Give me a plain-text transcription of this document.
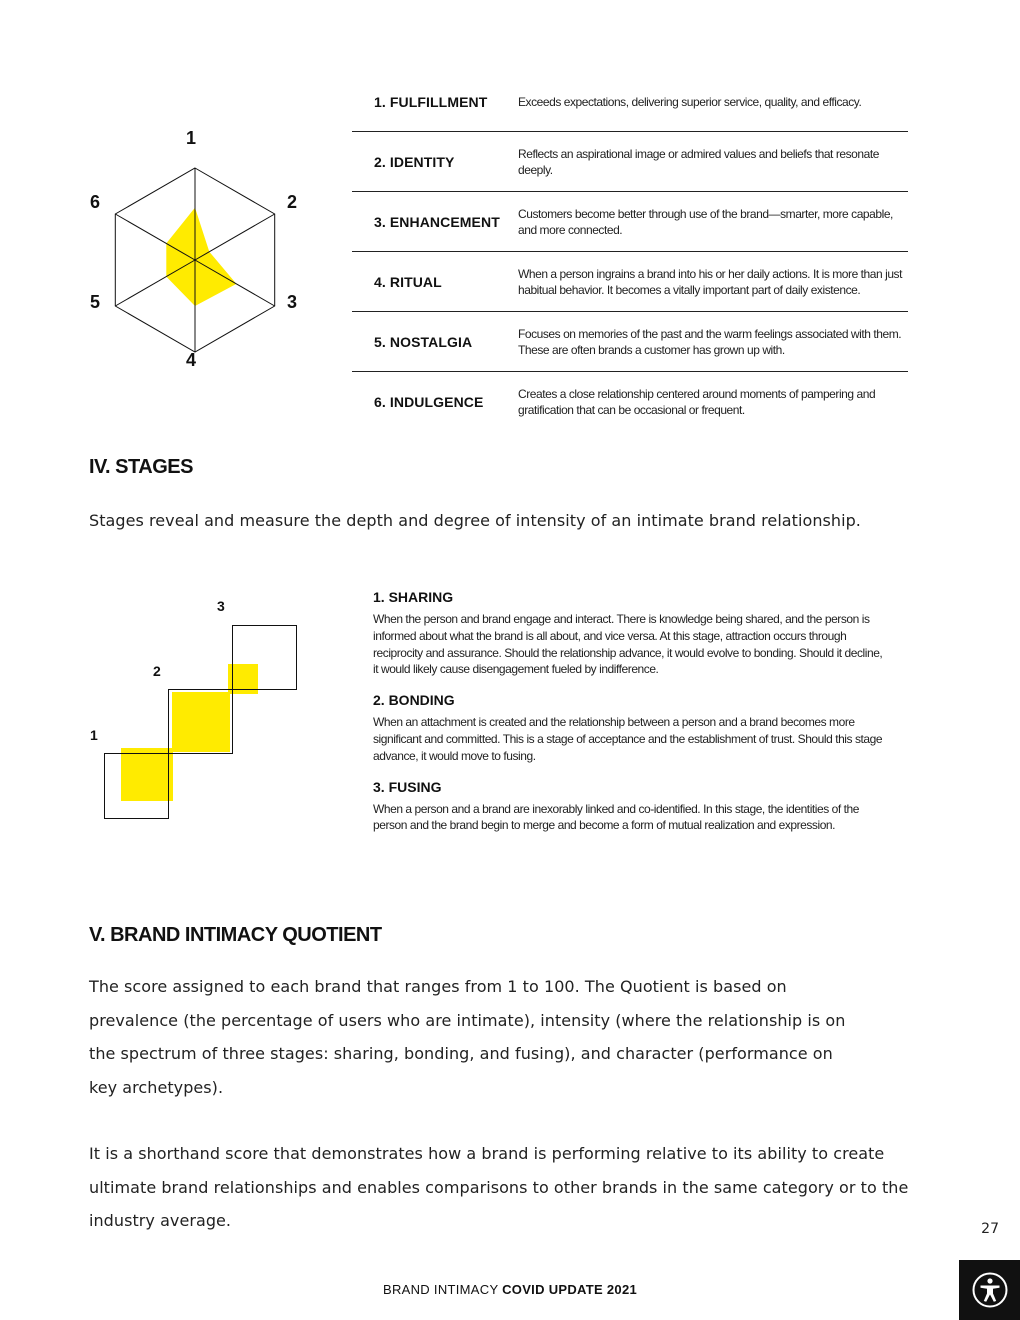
1
2
3
4
5
6
1. FULFILLMENT	Exceeds expectations, delivering superior service, quality, and efficacy.
2. IDENTITY	Reflects an aspirational image or admired values and beliefs that resonate deeply.
3. ENHANCEMENT Customers become better through use of the brand—smarter, more capable, and more connected.
4. RITUAL	When a person ingrains a brand into his or her daily actions. It is more than just habitual behavior. It becomes a vitally important part of daily existence.
5. NOSTALGIA	Focuses on memories of the past and the warm feelings associated with them. These are often brands a customer has grown up with.
6. INDULGENCE	Creates a close relationship centered around moments of pampering and gratification that can be occasional or frequent.
IV. STAGES
Stages reveal and measure the depth and degree of intensity of an intimate brand relationship.
1
2
3
1. SHARING
When the person and brand engage and interact. There is knowledge being shared, and the person is informed about what the brand is all about, and vice versa. At this stage, attraction occurs through reciprocity and assurance. Should the relationship advance, it would evolve to bonding. Should it decline, it would likely cause disengagement fueled by indifference.
2. BONDING
When an attachment is created and the relationship between a person and a brand becomes more significant and committed. This is a stage of acceptance and the establishment of trust. Should this stage advance, it would move to fusing.
3. FUSING
When a person and a brand are inexorably linked and co-identified. In this stage, the identities of the person and the brand begin to merge and become a form of mutual realization and expression.
V. BRAND INTIMACY QUOTIENT
The score assigned to each brand that ranges from 1 to 100. The Quotient is based on prevalence (the percentage of users who are intimate), intensity (where the relationship is on the spectrum of three stages: sharing, bonding, and fusing), and character (performance on key archetypes).
It is a shorthand score that demonstrates how a brand is performing relative to its ability to create ultimate brand relationships and enables comparisons to other brands in the same category or to the industry average.	27
BRAND INTIMACY COVID UPDATE 2021
